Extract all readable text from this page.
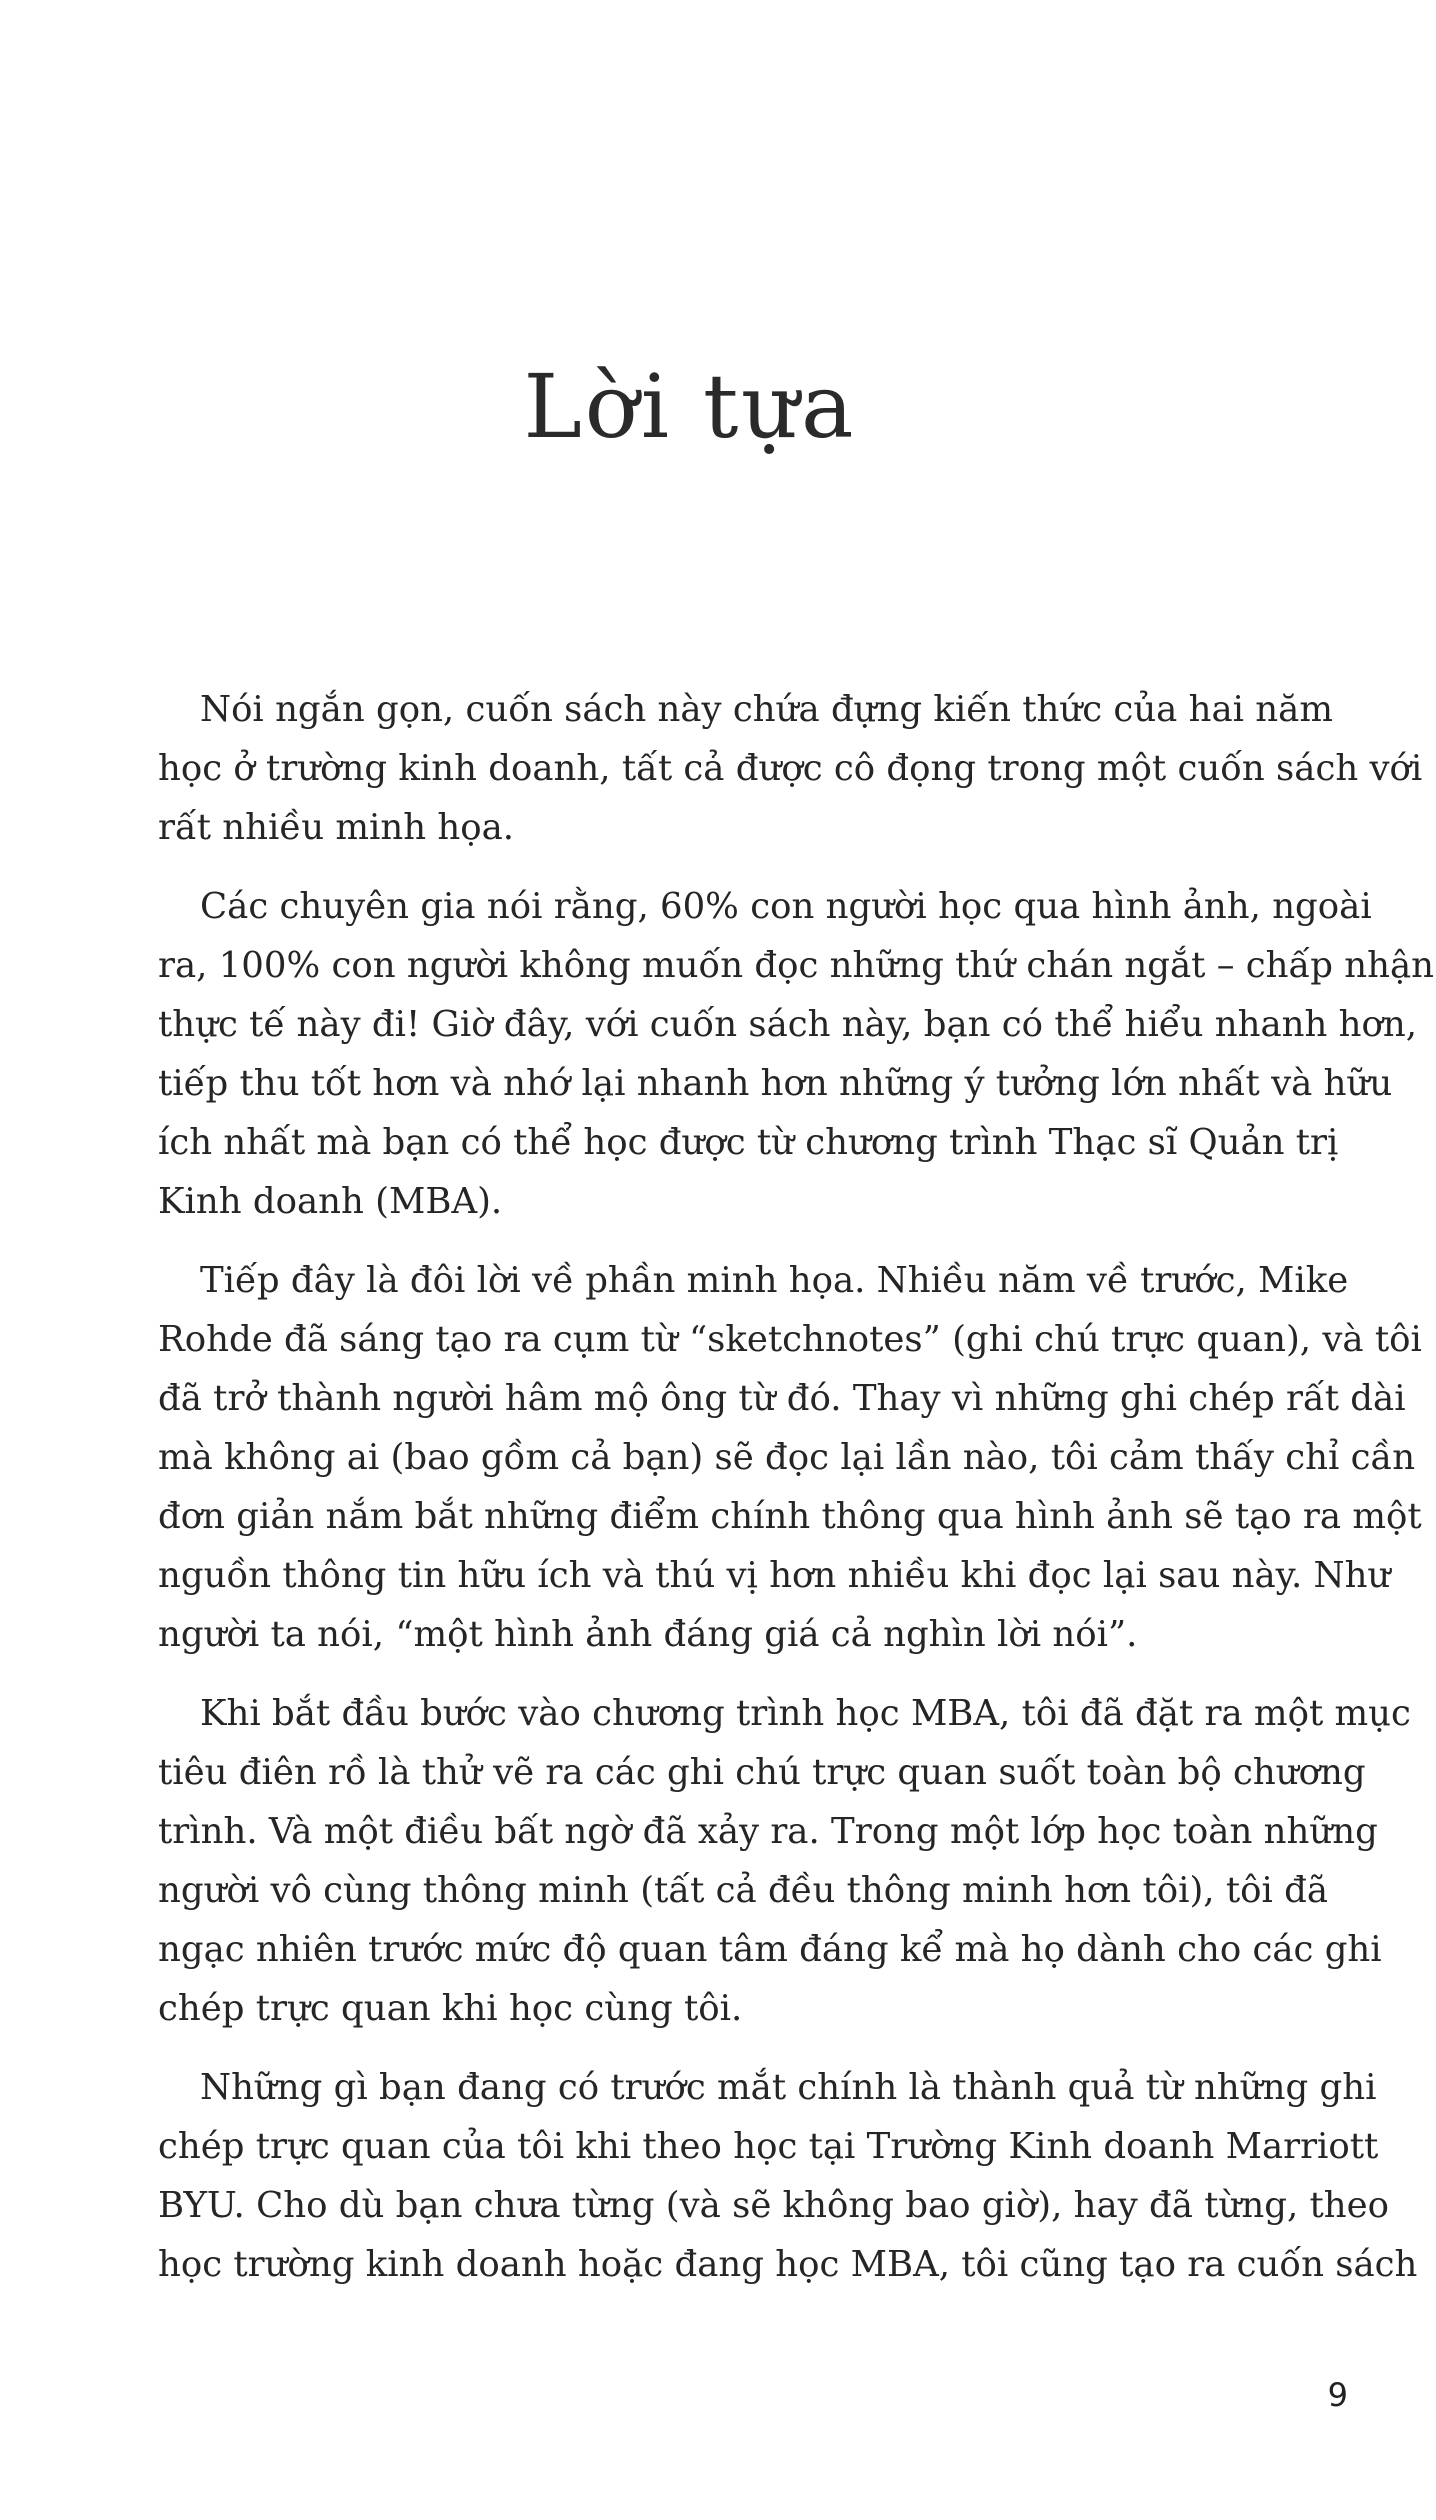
Lời tựa

Nói ngắn gọn, cuốn sách này chứa đựng kiến thức của hai năm
học ở trường kinh doanh, tất cả được cô đọng trong một cuốn sách với
rất nhiều minh họa.

Các chuyên gia nói rằng, 60% con người học qua hình ảnh, ngoài
ra, 100% con người không muốn đọc những thứ chán ngắt – chấp nhận
thực tế này đi! Giờ đây, với cuốn sách này, bạn có thể hiểu nhanh hơn,
tiếp thu tốt hơn và nhớ lại nhanh hơn những ý tưởng lớn nhất và hữu
ích nhất mà bạn có thể học được từ chương trình Thạc sĩ Quản trị
Kinh doanh (MBA).

Tiếp đây là đôi lời về phần minh họa. Nhiều năm về trước, Mike
Rohde đã sáng tạo ra cụm từ “sketchnotes” (ghi chú trực quan), và tôi
đã trở thành người hâm mộ ông từ đó. Thay vì những ghi chép rất dài
mà không ai (bao gồm cả bạn) sẽ đọc lại lần nào, tôi cảm thấy chỉ cần
đơn giản nắm bắt những điểm chính thông qua hình ảnh sẽ tạo ra một
nguồn thông tin hữu ích và thú vị hơn nhiều khi đọc lại sau này. Như
người ta nói, “một hình ảnh đáng giá cả nghìn lời nói”.

Khi bắt đầu bước vào chương trình học MBA, tôi đã đặt ra một mục
tiêu điên rồ là thử vẽ ra các ghi chú trực quan suốt toàn bộ chương
trình. Và một điều bất ngờ đã xảy ra. Trong một lớp học toàn những
người vô cùng thông minh (tất cả đều thông minh hơn tôi), tôi đã
ngạc nhiên trước mức độ quan tâm đáng kể mà họ dành cho các ghi
chép trực quan khi học cùng tôi.

Những gì bạn đang có trước mắt chính là thành quả từ những ghi
chép trực quan của tôi khi theo học tại Trường Kinh doanh Marriott
BYU. Cho dù bạn chưa từng (và sẽ không bao giờ), hay đã từng, theo
học trường kinh doanh hoặc đang học MBA, tôi cũng tạo ra cuốn sách

9
